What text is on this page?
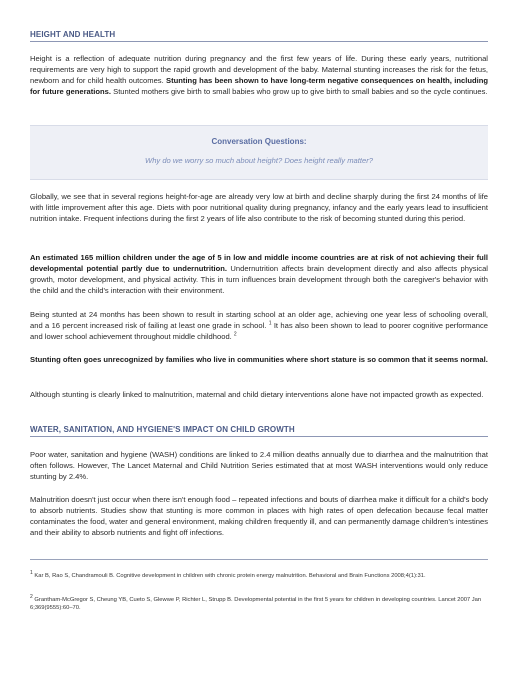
HEIGHT AND HEALTH

Height is a reflection of adequate nutrition during pregnancy and the first few years of life. During these early years, nutritional requirements are very high to support the rapid growth and development of the baby. Maternal stunting increases the risk for the fetus, newborn and for child health outcomes. Stunting has been shown to have long-term negative consequences on health, including for future generations. Stunted mothers give birth to small babies who grow up to give birth to small babies and so the cycle continues.

Conversation Questions:
Why do we worry so much about height? Does height really matter?

Globally, we see that in several regions height-for-age are already very low at birth and decline sharply during the first 24 months of life with little improvement after this age. Diets with poor nutritional quality during pregnancy, infancy and the early years lead to insufficient nutrition intake. Frequent infections during the first 2 years of life also contribute to the risk of becoming stunted during this period.

An estimated 165 million children under the age of 5 in low and middle income countries are at risk of not achieving their full developmental potential partly due to undernutrition. Undernutrition affects brain development directly and also affects physical growth, motor development, and physical activity. This in turn influences brain development through both the caregiver's behavior with the child and the child's interaction with their environment.

Being stunted at 24 months has been shown to result in starting school at an older age, achieving one year less of schooling overall, and a 16 percent increased risk of failing at least one grade in school. $^1$ It has also been shown to lead to poorer cognitive performance and lower school achievement throughout middle childhood. $^2$

Stunting often goes unrecognized by families who live in communities where short stature is so common that it seems normal.

Although stunting is clearly linked to malnutrition, maternal and child dietary interventions alone have not impacted growth as expected.

WATER, SANITATION, AND HYGIENE'S IMPACT ON CHILD GROWTH

Poor water, sanitation and hygiene (WASH) conditions are linked to 2.4 million deaths annually due to diarrhea and the malnutrition that often follows. However, The Lancet Maternal and Child Nutrition Series estimated that at most WASH interventions would only reduce stunting by 2.4%.

Malnutrition doesn't just occur when there isn't enough food – repeated infections and bouts of diarrhea make it difficult for a child's body to absorb nutrients. Studies show that stunting is more common in places with high rates of open defecation because fecal matter contaminates the food, water and general environment, making children frequently ill, and can permanently damage children's intestines and their ability to absorb nutrients and fight off infections.

$^1$ Kar B, Rao S, Chandramouli B. Cognitive development in children with chronic protein energy malnutrition. Behavioral and Brain Functions 2008;4(1):31.

$^2$ Grantham-McGregor S, Cheung YB, Cueto S, Glewwe P, Richter L, Strupp B. Developmental potential in the first 5 years for children in developing countries. Lancet 2007 Jan 6;369(9555):60–70.
